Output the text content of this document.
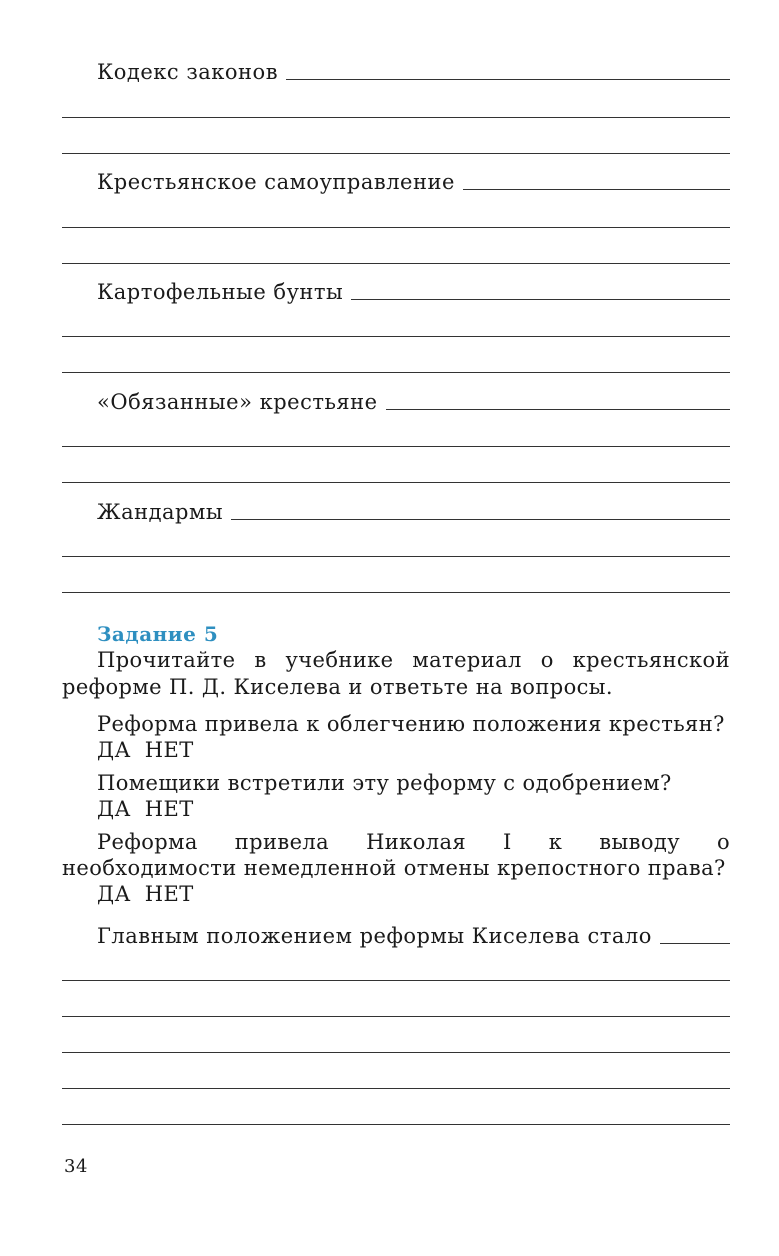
Кодекс законов
Крестьянское самоуправление
Картофельные бунты
«Обязанные» крестьяне
Жандармы
Задание 5
Прочитайте в учебнике материал о крестьянской реформе П. Д. Киселева и ответьте на вопросы.
Реформа привела к облегчению положения крестьян?
ДА НЕТ
Помещики встретили эту реформу с одобрением?
ДА НЕТ
Реформа привела Николая I к выводу о необходимости немедленной отмены крепостного права?
ДА НЕТ
Главным положением реформы Киселева стало
34
